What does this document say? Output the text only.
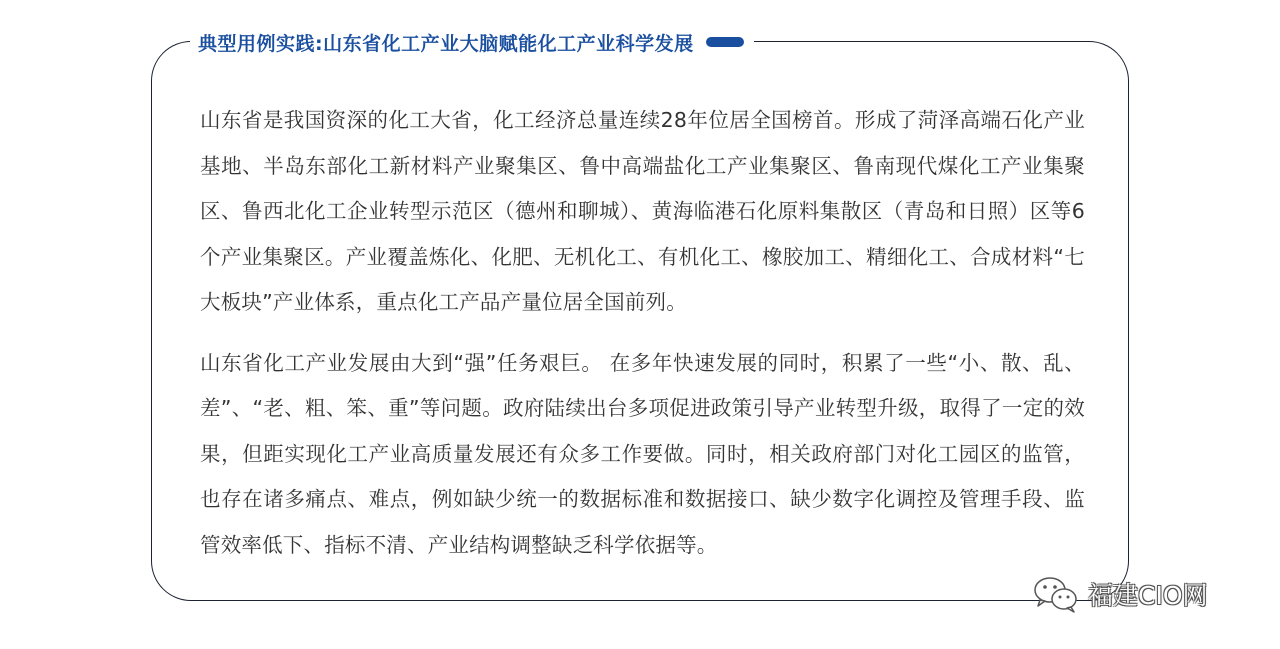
典型用例实践:山东省化工产业大脑赋能化工产业科学发展

山东省是我国资深的化工大省，化工经济总量连续28年位居全国榜首。形成了菏泽高端石化产业基地、半岛东部化工新材料产业聚集区、鲁中高端盐化工产业集聚区、鲁南现代煤化工产业集聚区、鲁西北化工企业转型示范区（德州和聊城）、黄海临港石化原料集散区（青岛和日照）区等6个产业集聚区。产业覆盖炼化、化肥、无机化工、有机化工、橡胶加工、精细化工、合成材料“七大板块”产业体系，重点化工产品产量位居全国前列。

山东省化工产业发展由大到“强”任务艰巨。 在多年快速发展的同时，积累了一些“小、散、乱、差”、“老、粗、笨、重”等问题。政府陆续出台多项促进政策引导产业转型升级，取得了一定的效果，但距实现化工产业高质量发展还有众多工作要做。同时，相关政府部门对化工园区的监管，也存在诸多痛点、难点，例如缺少统一的数据标准和数据接口、缺少数字化调控及管理手段、监管效率低下、指标不清、产业结构调整缺乏科学依据等。

福建CIO网
